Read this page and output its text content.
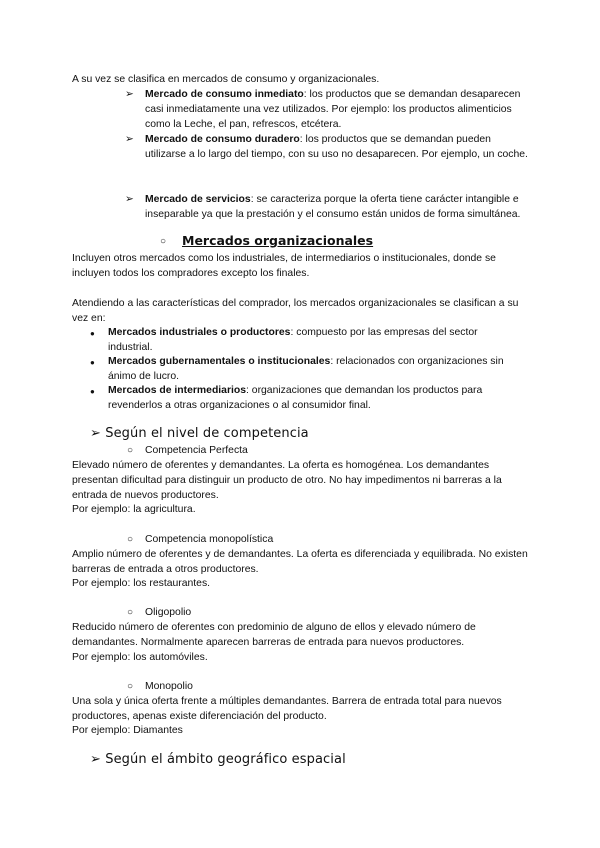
A su vez se clasifica en mercados de consumo y organizacionales.

➢	Mercado de consumo inmediato: los productos que se demandan desaparecen casi inmediatamente una vez utilizados. Por ejemplo: los productos alimenticios como la Leche, el pan, refrescos, etcétera.
➢	Mercado de consumo duradero: los productos que se demandan pueden utilizarse a lo largo del tiempo, con su uso no desaparecen. Por ejemplo, un coche.
➢	Mercado de servicios: se caracteriza porque la oferta tiene carácter intangible e inseparable ya que la prestación y el consumo están unidos de forma simultánea.
○ Mercados organizacionales

Incluyen otros mercados como los industriales, de intermediarios o institucionales, donde se incluyen todos los compradores excepto los finales.

Atendiendo a las características del comprador, los mercados organizacionales se clasifican a su vez en:

● Mercados industriales o productores: compuesto por las empresas del sector industrial.
● Mercados gubernamentales o institucionales: relacionados con organizaciones sin ánimo de lucro.
● Mercados de intermediarios: organizaciones que demandan los productos para revenderlos a otras organizaciones o al consumidor final.
➢ Según el nivel de competencia
○ Competencia Perfecta

Elevado número de oferentes y demandantes. La oferta es homogénea. Los demandantes presentan dificultad para distinguir un producto de otro. No hay impedimentos ni barreras a la entrada de nuevos productores.

Por ejemplo: la agricultura.

○ Competencia monopolística

Amplio número de oferentes y de demandantes. La oferta es diferenciada y equilibrada. No existen barreras de entrada a otros productores.

Por ejemplo: los restaurantes.

○ Oligopolio

Reducido número de oferentes con predominio de alguno de ellos y elevado número de demandantes. Normalmente aparecen barreras de entrada para nuevos productores.

Por ejemplo: los automóviles.

○ Monopolio

Una sola y única oferta frente a múltiples demandantes. Barrera de entrada total para nuevos productores, apenas existe diferenciación del producto.

Por ejemplo: Diamantes

➢ Según el ámbito geográfico espacial
